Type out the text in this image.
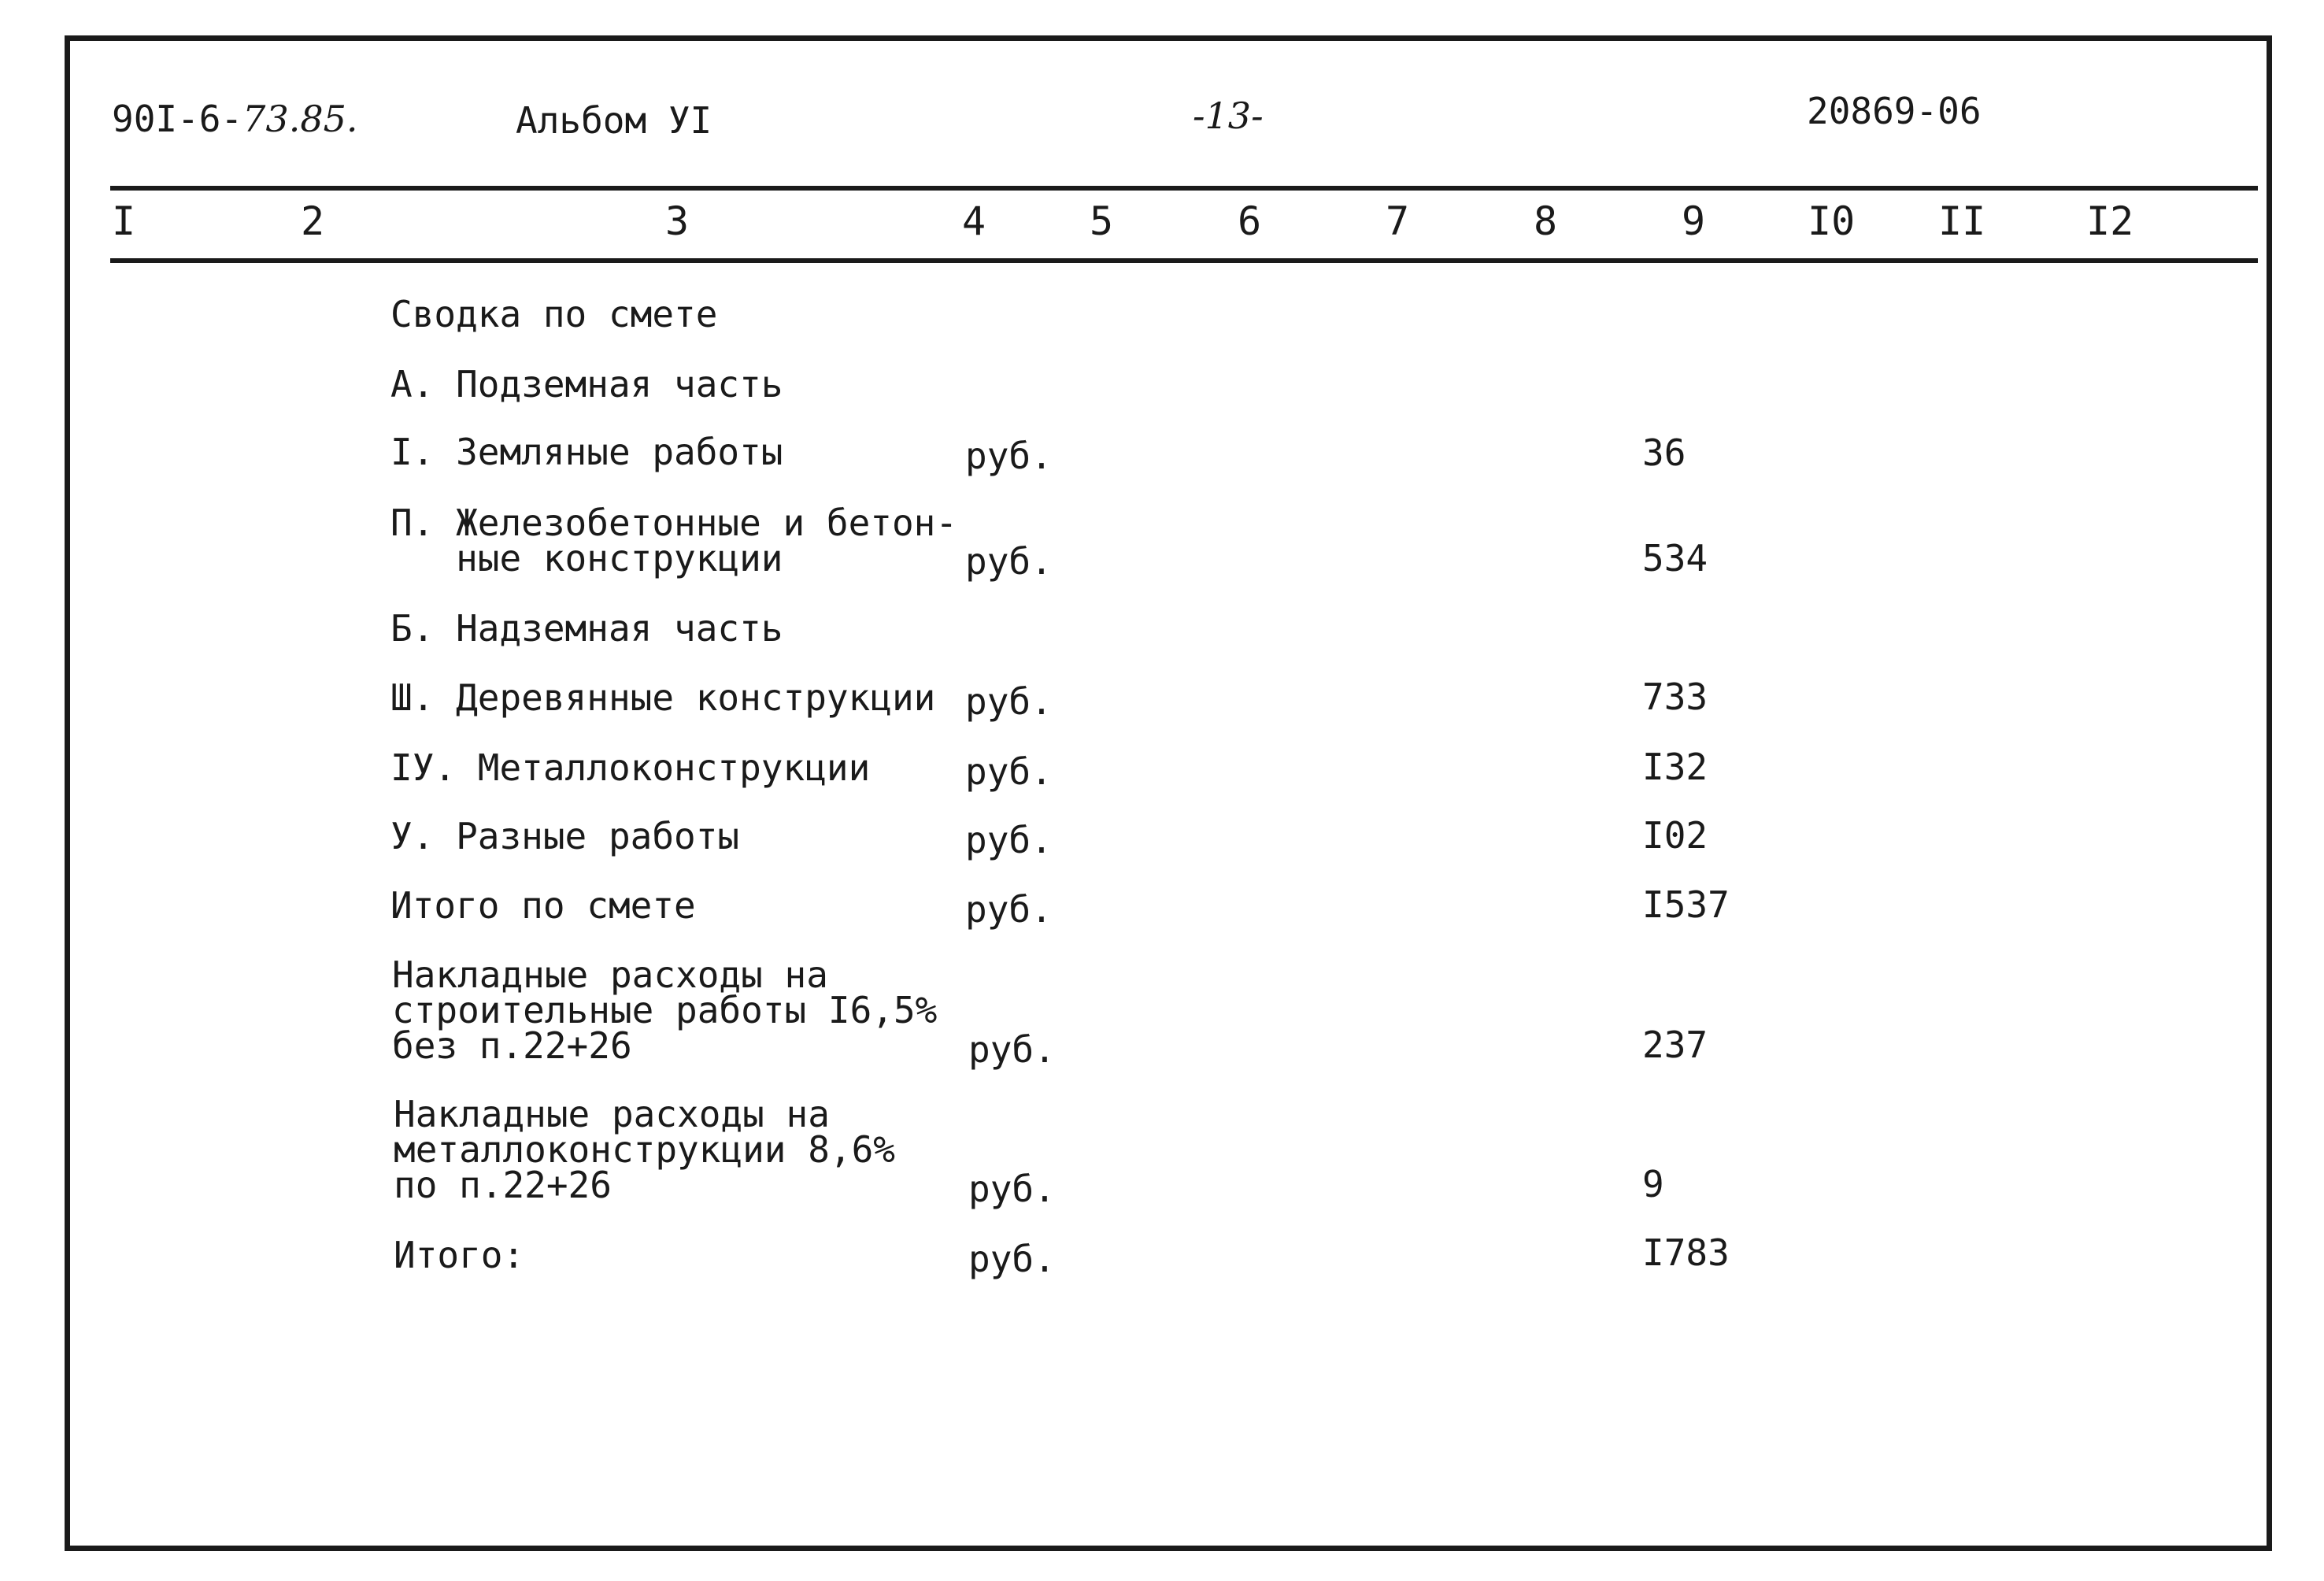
90I-6-73.85.	Альбом УI	-13-	20869-06
I	2	3	4	5	6	7	8	9	I0 II	I2
Сводка по смете
А. Подземная часть
I. Земляные работы	руб.	36
П. Железобетонные и бетон-
ные конструкции	руб.	534
Б. Надземная часть
Ш. Деревянные конструкции руб.	733
IУ. Металлоконструкции	руб.	I32
У. Разные работы	руб.	I02
Итого по смете	руб.	I537
Накладные расходы на
строительные работы I6,5%
без п.22+26	руб.	237
Накладные расходы на
металлоконструкции 8,6%
по п.22+26	руб.	9
Итого:	руб.	I783
